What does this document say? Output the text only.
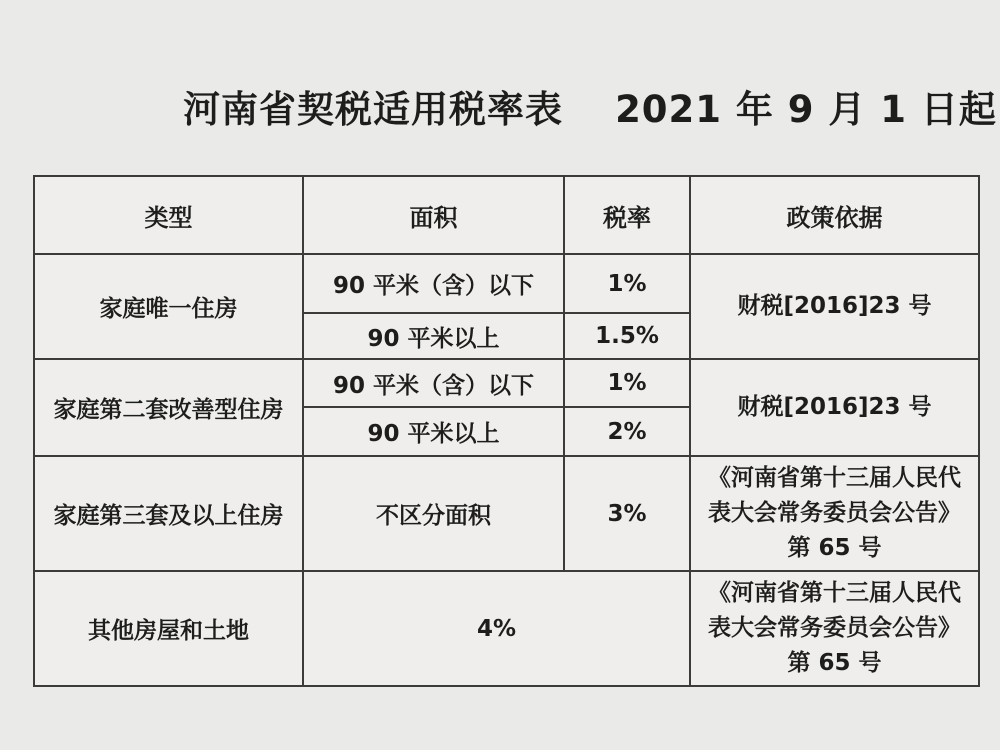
河南省契税适用税率表 2021 年 9 月 1 日起
类型	面积	税率	政策依据
家庭唯一住房	90 平米（含）以下	1%	财税[2016]23 号
	90 平米以上	1.5%	
家庭第二套改善型住房	90 平米（含）以下	1%	财税[2016]23 号
	90 平米以上	2%	
家庭第三套及以上住房	不区分面积	3%	《河南省第十三届人民代表大会常务委员会公告》第 65 号
其他房屋和土地	4%		《河南省第十三届人民代表大会常务委员会公告》第 65 号
